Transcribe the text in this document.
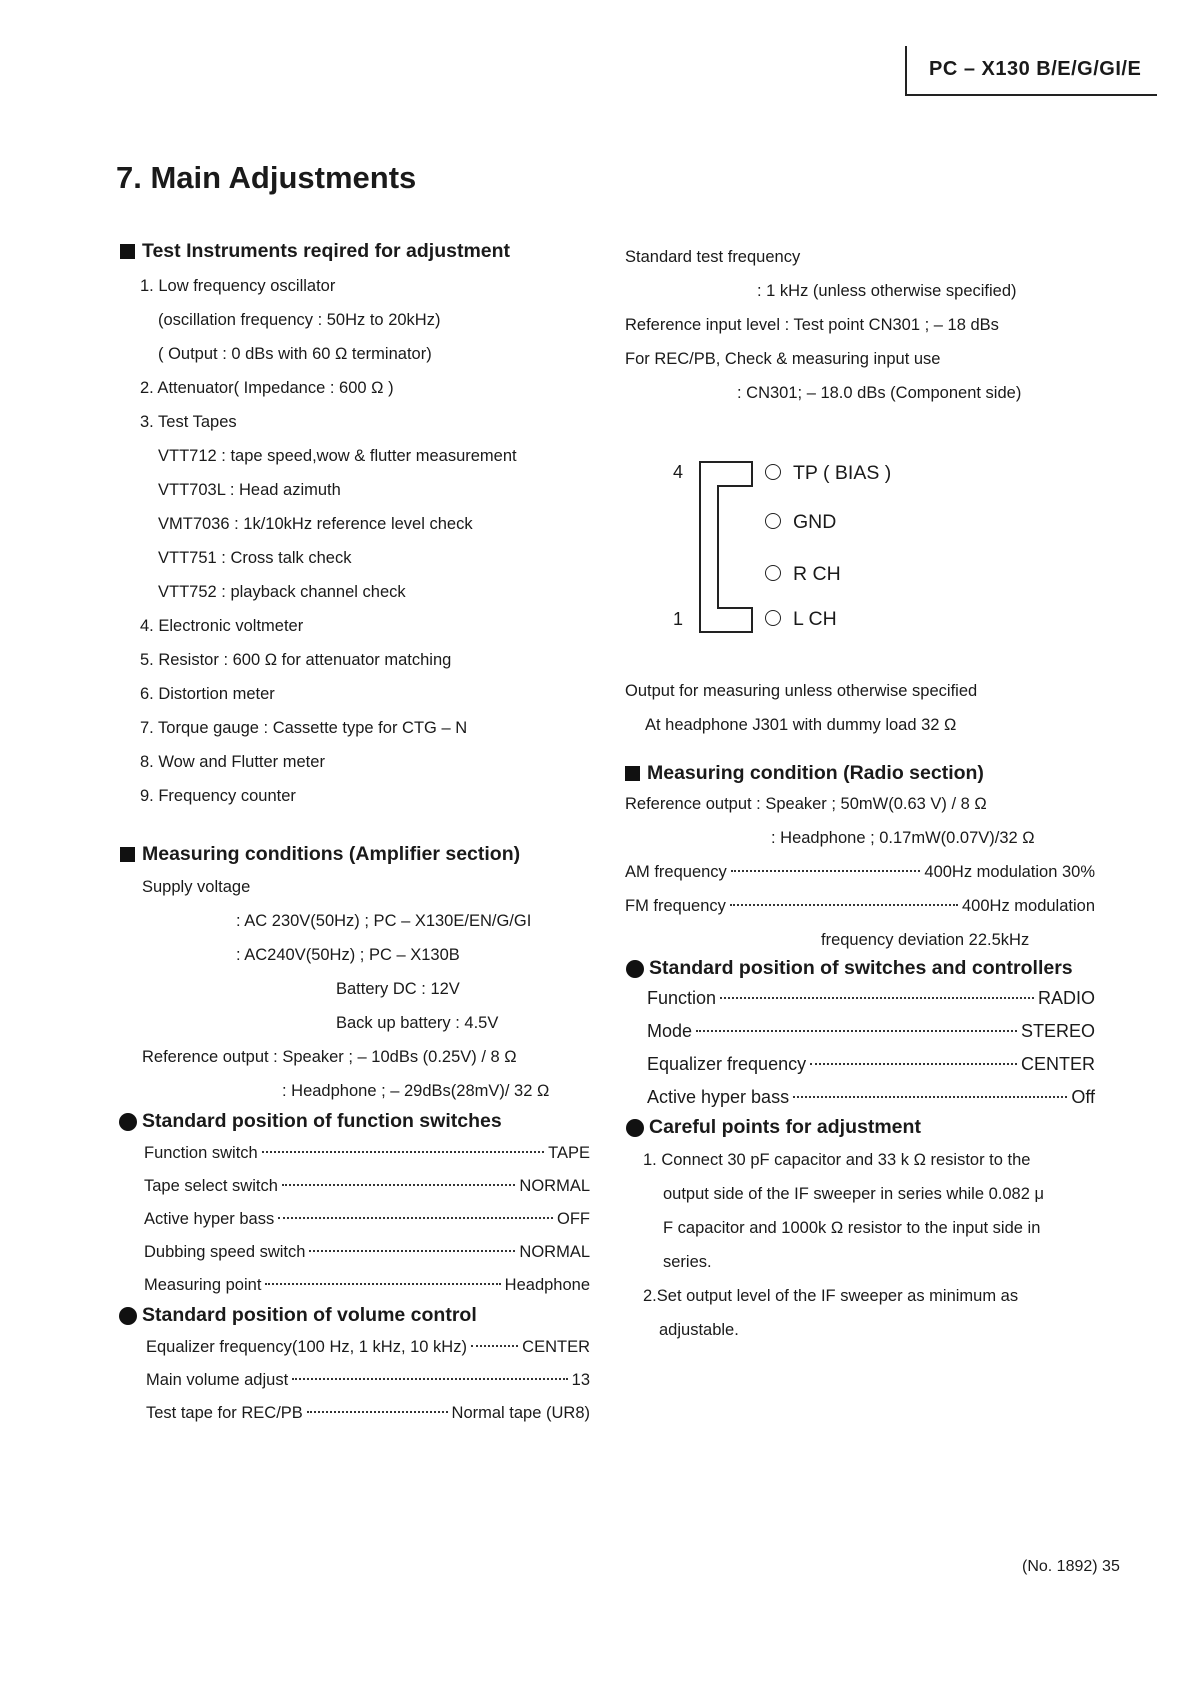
PC – X130 B/E/G/GI/E
7. Main Adjustments
Test Instruments reqired for adjustment
1. Low frequency oscillator
(oscillation frequency : 50Hz to 20kHz)
( Output : 0 dBs with 60 Ω terminator)
2. Attenuator( Impedance : 600 Ω )
3. Test Tapes
VTT712 : tape speed,wow & flutter measurement
VTT703L : Head azimuth
VMT7036 : 1k/10kHz reference level check
VTT751 : Cross talk check
VTT752 : playback channel check
4. Electronic voltmeter
5. Resistor : 600 Ω for attenuator matching
6. Distortion meter
7. Torque gauge : Cassette type for CTG – N
8. Wow and Flutter meter
9. Frequency counter
Measuring conditions (Amplifier section)
Supply voltage
: AC 230V(50Hz) ; PC – X130E/EN/G/GI
: AC240V(50Hz) ; PC – X130B
Battery DC : 12V
Back up battery : 4.5V
Reference output : Speaker ; – 10dBs (0.25V) / 8 Ω
: Headphone ; – 29dBs(28mV)/ 32 Ω
Standard position of function switches
Function switch	TAPE
Tape select switch	NORMAL
Active hyper bass	OFF
Dubbing speed switch	NORMAL
Measuring point	Headphone
Standard position of volume control
Equalizer frequency(100 Hz, 1 kHz, 10 kHz)	CENTER
Main volume adjust	13
Test tape for REC/PB	Normal tape (UR8)
Standard test frequency
: 1 kHz (unless otherwise specified)
Reference input level : Test point CN301 ; – 18 dBs
For REC/PB, Check & measuring input use
: CN301; – 18.0 dBs (Component side)
4
1
TP ( BIAS )
GND
R CH
L CH
Output for measuring unless otherwise specified
At headphone J301 with dummy load 32 Ω
Measuring condition (Radio section)
Reference output : Speaker ; 50mW(0.63 V) / 8 Ω
: Headphone ; 0.17mW(0.07V)/32 Ω
AM frequency	400Hz modulation 30%
FM frequency	400Hz modulation
frequency deviation 22.5kHz
Standard position of switches and controllers
Function	RADIO
Mode	STEREO
Equalizer frequency	CENTER
Active hyper bass	Off
Careful points for adjustment
1. Connect 30 pF capacitor and 33 k Ω resistor to the
output side of the IF sweeper in series while 0.082 μ
F capacitor and 1000k Ω resistor to the input side in
series.
2.Set output level of the IF sweeper as minimum as
adjustable.
(No. 1892) 35
